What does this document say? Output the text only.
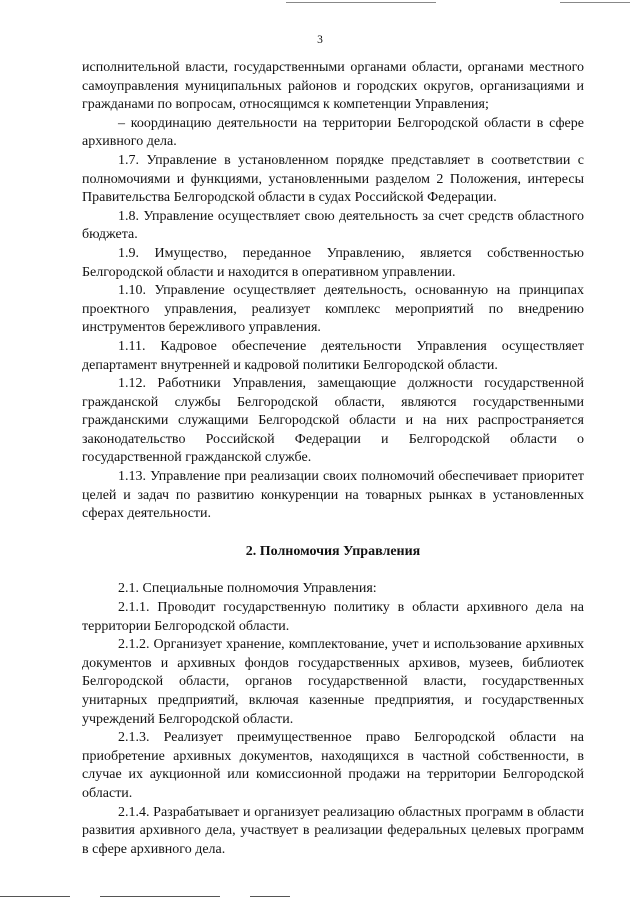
3

исполнительной власти, государственными органами области, органами местного самоуправления муниципальных районов и городских округов, организациями и гражданами по вопросам, относящимся к компетенции Управления;

– координацию деятельности на территории Белгородской области в сфере архивного дела.

1.7. Управление в установленном порядке представляет в соответствии с полномочиями и функциями, установленными разделом 2 Положения, интересы Правительства Белгородской области в судах Российской Федерации.

1.8. Управление осуществляет свою деятельность за счет средств областного бюджета.

1.9. Имущество, переданное Управлению, является собственностью Белгородской области и находится в оперативном управлении.

1.10. Управление осуществляет деятельность, основанную на принципах проектного управления, реализует комплекс мероприятий по внедрению инструментов бережливого управления.

1.11. Кадровое обеспечение деятельности Управления осуществляет департамент внутренней и кадровой политики Белгородской области.

1.12. Работники Управления, замещающие должности государственной гражданской службы Белгородской области, являются государственными гражданскими служащими Белгородской области и на них распространяется законодательство Российской Федерации и Белгородской области о государственной гражданской службе.

1.13. Управление при реализации своих полномочий обеспечивает приоритет целей и задач по развитию конкуренции на товарных рынках в установленных сферах деятельности.

2. Полномочия Управления

2.1. Специальные полномочия Управления:

2.1.1. Проводит государственную политику в области архивного дела на территории Белгородской области.

2.1.2. Организует хранение, комплектование, учет и использование архивных документов и архивных фондов государственных архивов, музеев, библиотек Белгородской области, органов государственной власти, государственных унитарных предприятий, включая казенные предприятия, и государственных учреждений Белгородской области.

2.1.3. Реализует преимущественное право Белгородской области на приобретение архивных документов, находящихся в частной собственности, в случае их аукционной или комиссионной продажи на территории Белгородской области.

2.1.4. Разрабатывает и организует реализацию областных программ в области развития архивного дела, участвует в реализации федеральных целевых программ в сфере архивного дела.
